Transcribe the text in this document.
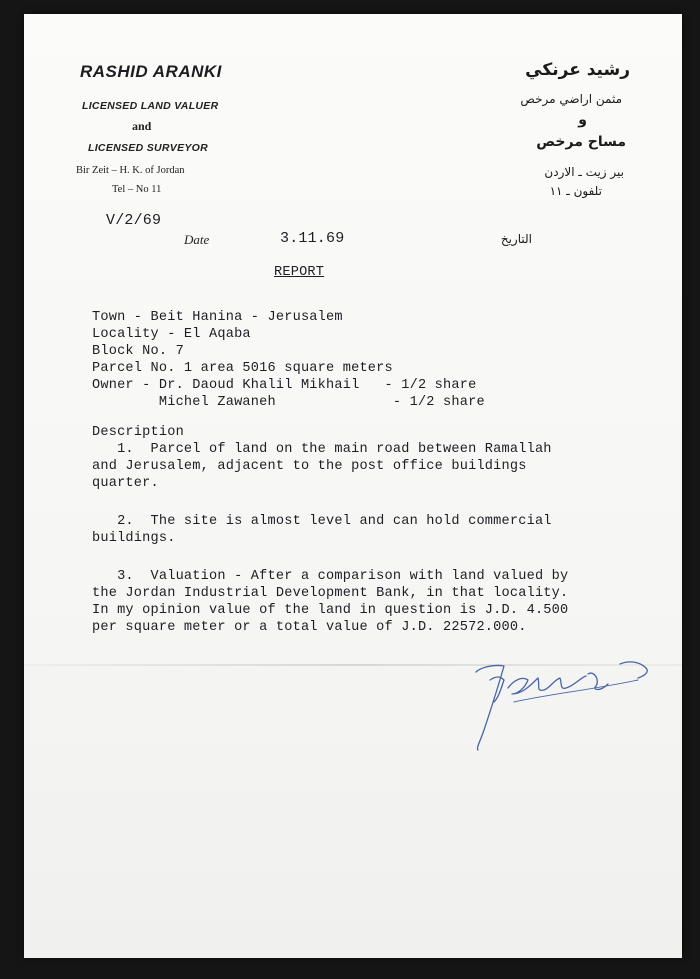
RASHID ARANKI
LICENSED LAND VALUER
and
LICENSED SURVEYOR
Bir Zeit – H. K. of Jordan
Tel – No 11
رشيد عرنكي
مثمن اراضي مرخص
و
مساح مرخص
بير زيت ـ الاردن
تلفون ـ ١١
V/2/69
Date	3.11.69	التاريخ
REPORT
Town - Beit Hanina - Jerusalem
Locality - El Aqaba
Block No. 7
Parcel No. 1 area 5016 square meters
Owner - Dr. Daoud Khalil Mikhail   - 1/2 share
Michel Zawaneh              - 1/2 share
Description
1.  Parcel of land on the main road between Ramallah
and Jerusalem, adjacent to the post office buildings
quarter.
2.  The site is almost level and can hold commercial
buildings.
3.  Valuation - After a comparison with land valued by
the Jordan Industrial Development Bank, in that locality.
In my opinion value of the land in question is J.D. 4.500
per square meter or a total value of J.D. 22572.000.
